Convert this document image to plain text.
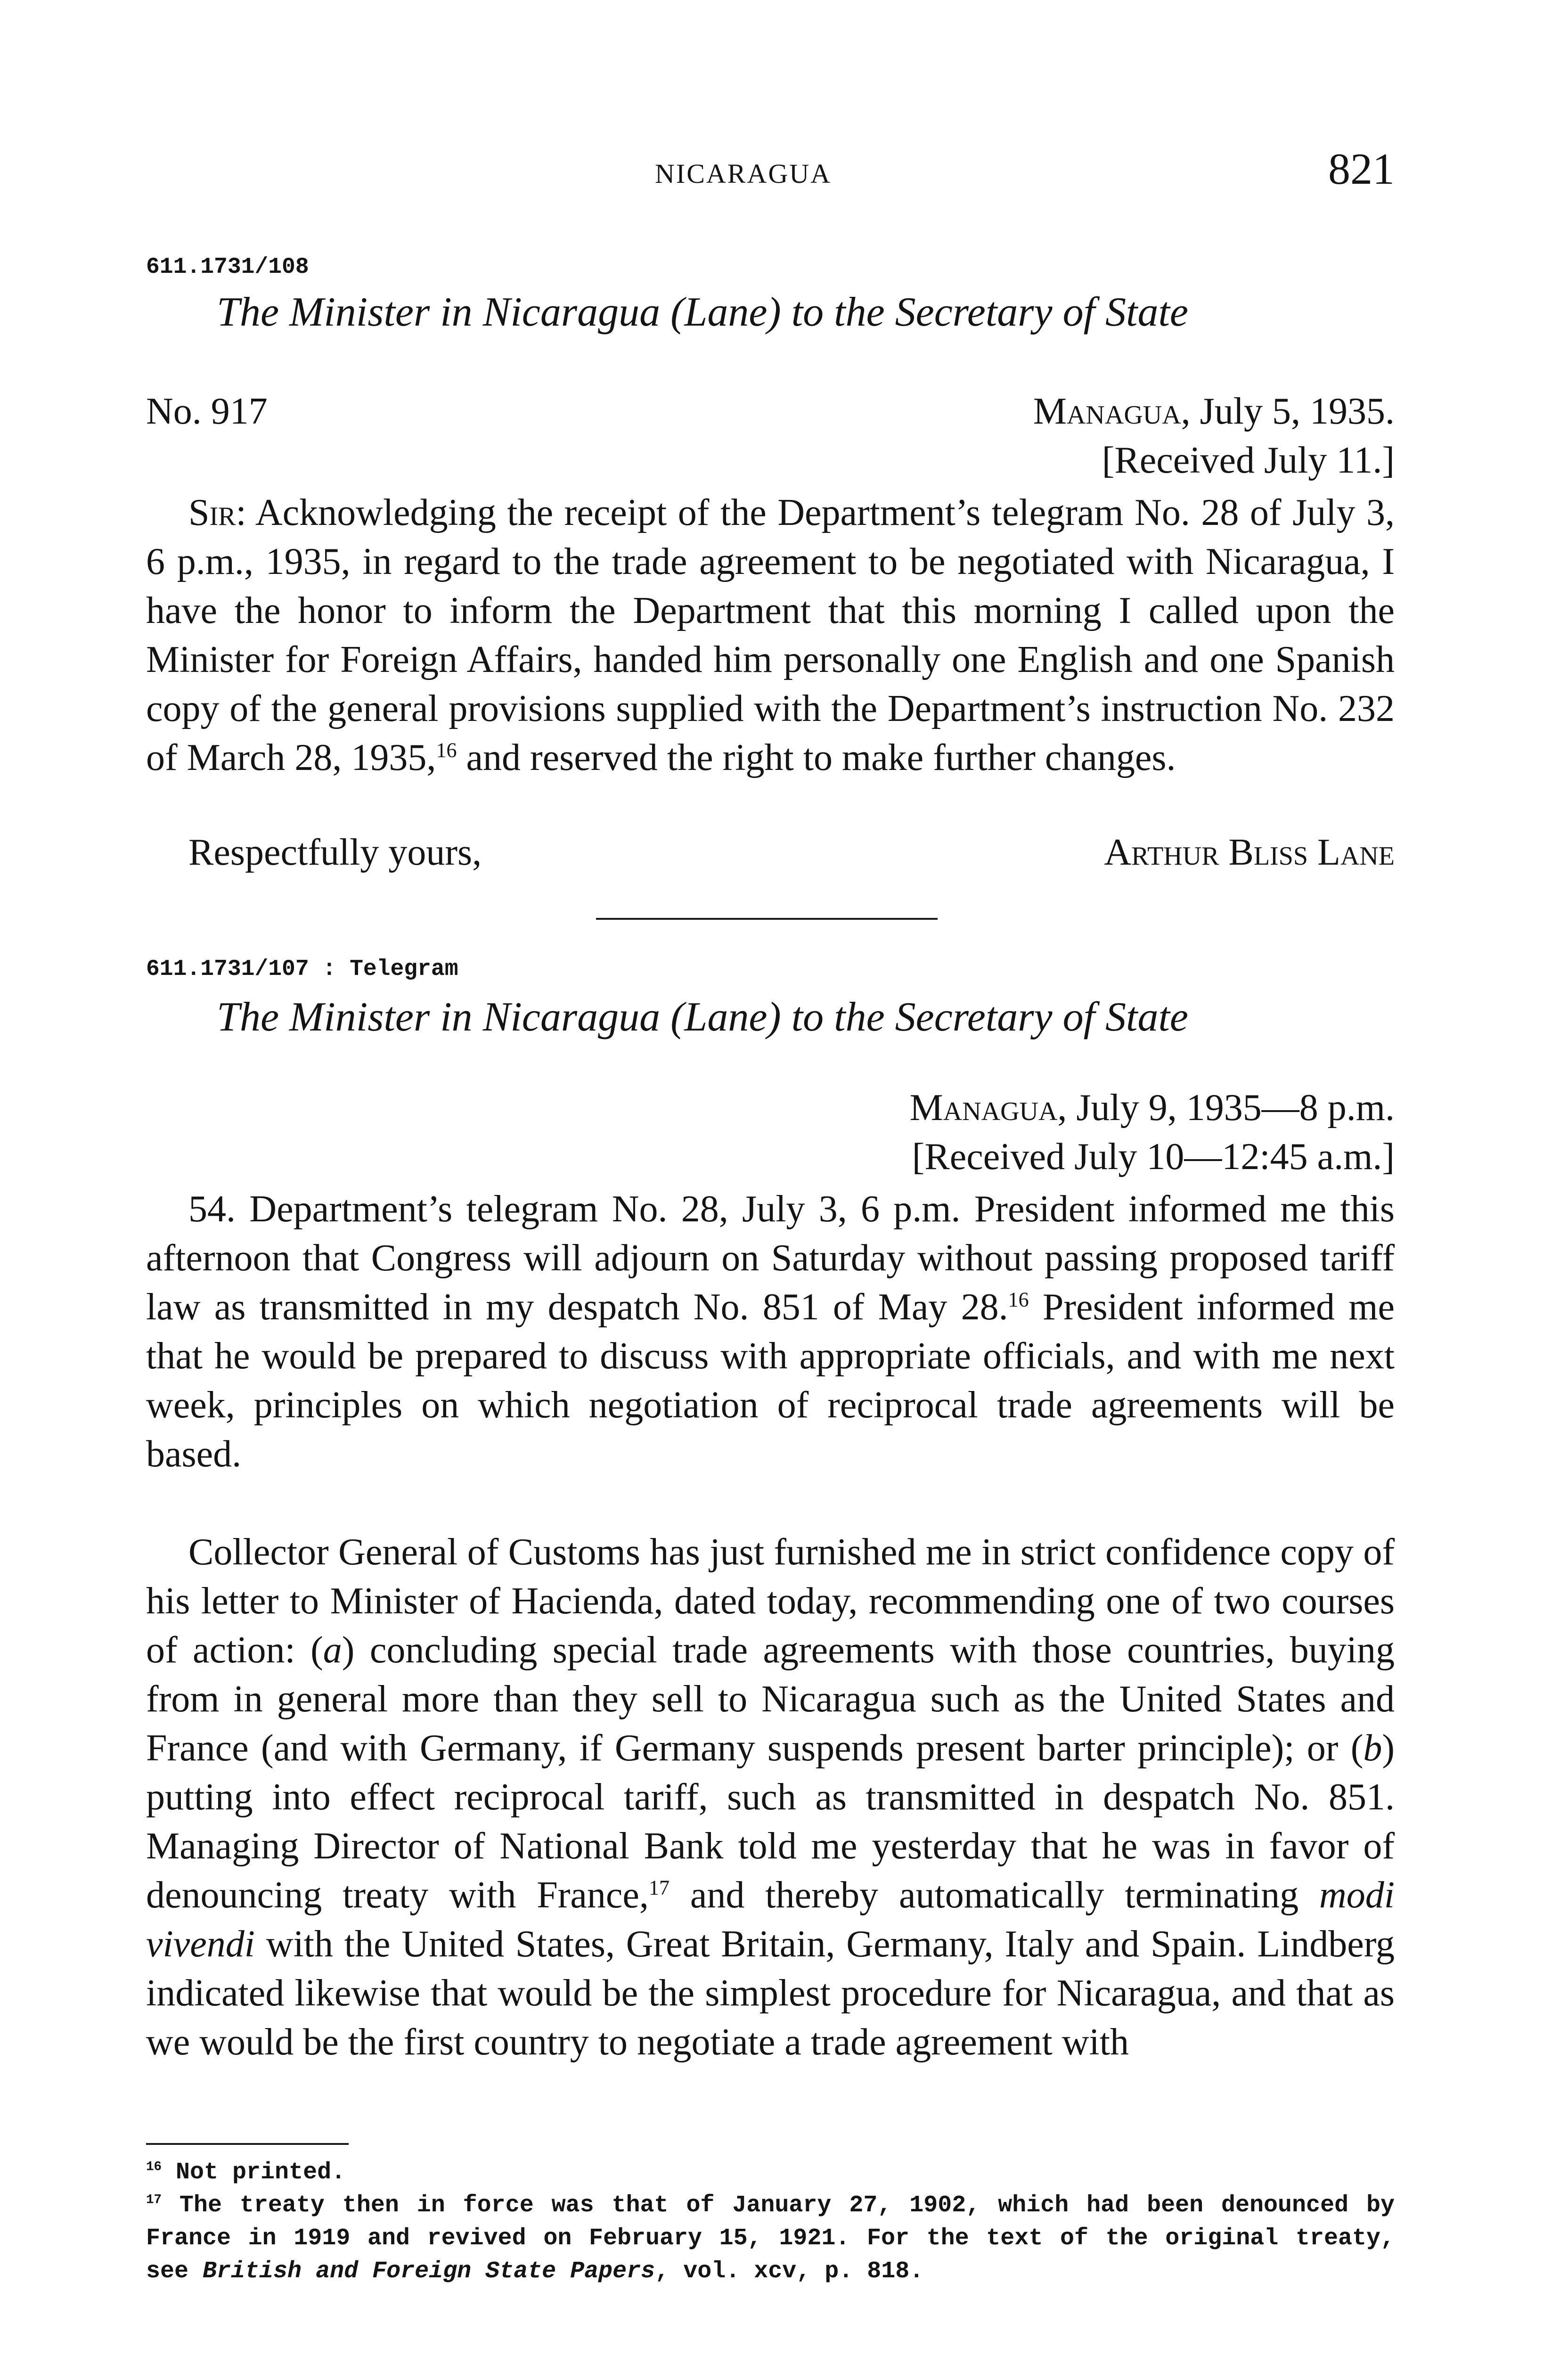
NICARAGUA	821
611.1731/108
The Minister in Nicaragua (Lane) to the Secretary of State
No. 917	Managua, July 5, 1935.
[Received July 11.]
Sir: Acknowledging the receipt of the Department’s telegram No. 28 of July 3, 6 p.m., 1935, in regard to the trade agreement to be negotiated with Nicaragua, I have the honor to inform the Department that this morning I called upon the Minister for Foreign Affairs, handed him personally one English and one Spanish copy of the general provisions supplied with the Department’s instruction No. 232 of March 28, 1935,16 and reserved the right to make further changes.
Respectfully yours,	Arthur Bliss Lane
611.1731/107 : Telegram
The Minister in Nicaragua (Lane) to the Secretary of State
Managua, July 9, 1935—8 p.m.
[Received July 10—12:45 a.m.]
54. Department’s telegram No. 28, July 3, 6 p.m. President informed me this afternoon that Congress will adjourn on Saturday without passing proposed tariff law as transmitted in my despatch No. 851 of May 28.16 President informed me that he would be prepared to discuss with appropriate officials, and with me next week, principles on which negotiation of reciprocal trade agreements will be based.
Collector General of Customs has just furnished me in strict confidence copy of his letter to Minister of Hacienda, dated today, recommending one of two courses of action: (a) concluding special trade agreements with those countries, buying from in general more than they sell to Nicaragua such as the United States and France (and with Germany, if Germany suspends present barter principle); or (b) putting into effect reciprocal tariff, such as transmitted in despatch No. 851. Managing Director of National Bank told me yesterday that he was in favor of denouncing treaty with France,$^{17}$ and thereby automatically terminating modi vivendi with the United States, Great Britain, Germany, Italy and Spain. Lindberg indicated likewise that would be the simplest procedure for Nicaragua, and that as we would be the first country to negotiate a trade agreement with

$^{16}$ Not printed.

$^{17}$ The treaty then in force was that of January 27, 1902, which had been denounced by France in 1919 and revived on February 15, 1921. For the text of the original treaty, see British and Foreign State Papers, vol. xcv, p. 818.
